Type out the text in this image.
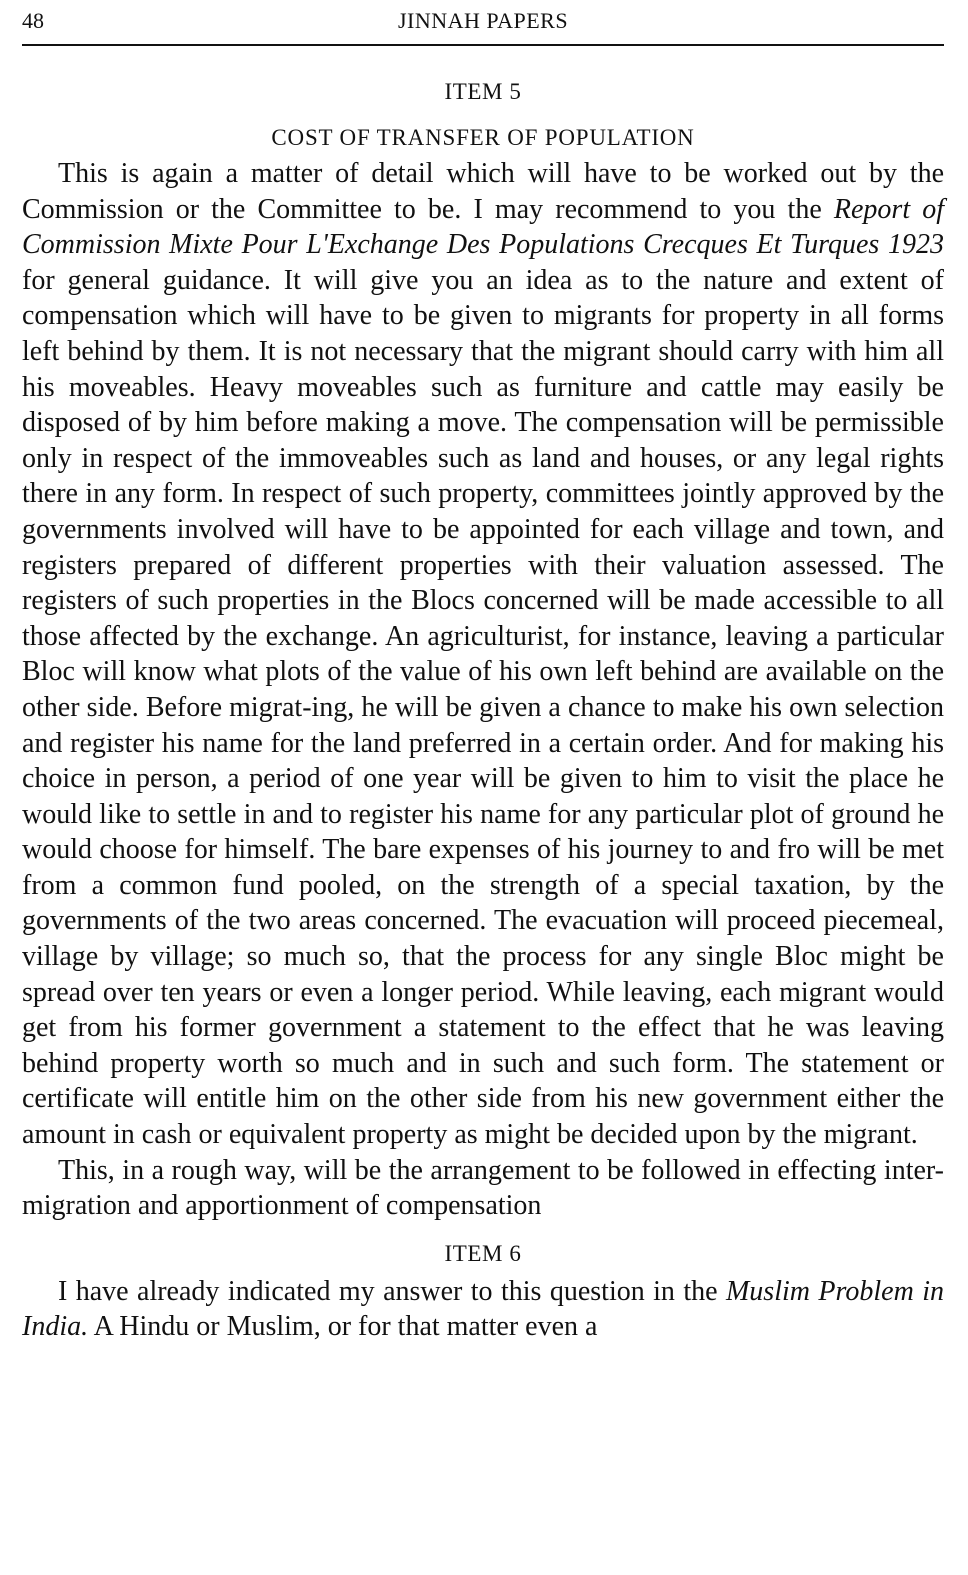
48	JINNAH PAPERS
ITEM 5
COST OF TRANSFER OF POPULATION

This is again a matter of detail which will have to be worked out by the Commission or the Committee to be. I may recommend to you the Report of Commission Mixte Pour L'Exchange Des Populations Crecques Et Turques 1923 for general guidance. It will give you an idea as to the nature and extent of compensation which will have to be given to migrants for property in all forms left behind by them. It is not necessary that the migrant should carry with him all his moveables. Heavy moveables such as furniture and cattle may easily be disposed of by him before making a move. The compensation will be permissible only in respect of the immoveables such as land and houses, or any legal rights there in any form. In respect of such property, committees jointly approved by the governments involved will have to be appointed for each village and town, and registers prepared of different properties with their valuation assessed. The registers of such properties in the Blocs concerned will be made accessible to all those affected by the exchange. An agriculturist, for instance, leaving a particular Bloc will know what plots of the value of his own left behind are available on the other side. Before migrat-ing, he will be given a chance to make his own selection and register his name for the land preferred in a certain order. And for making his choice in person, a period of one year will be given to him to visit the place he would like to settle in and to register his name for any particular plot of ground he would choose for himself. The bare expenses of his journey to and fro will be met from a common fund pooled, on the strength of a special taxation, by the governments of the two areas concerned. The evacuation will proceed piecemeal, village by village; so much so, that the process for any single Bloc might be spread over ten years or even a longer period. While leaving, each migrant would get from his former government a statement to the effect that he was leaving behind property worth so much and in such and such form. The statement or certificate will entitle him on the other side from his new government either the amount in cash or equivalent property as might be decided upon by the migrant.

This, in a rough way, will be the arrangement to be followed in effecting inter-migration and apportionment of compensation

ITEM 6

I have already indicated my answer to this question in the Muslim Problem in India. A Hindu or Muslim, or for that matter even a
